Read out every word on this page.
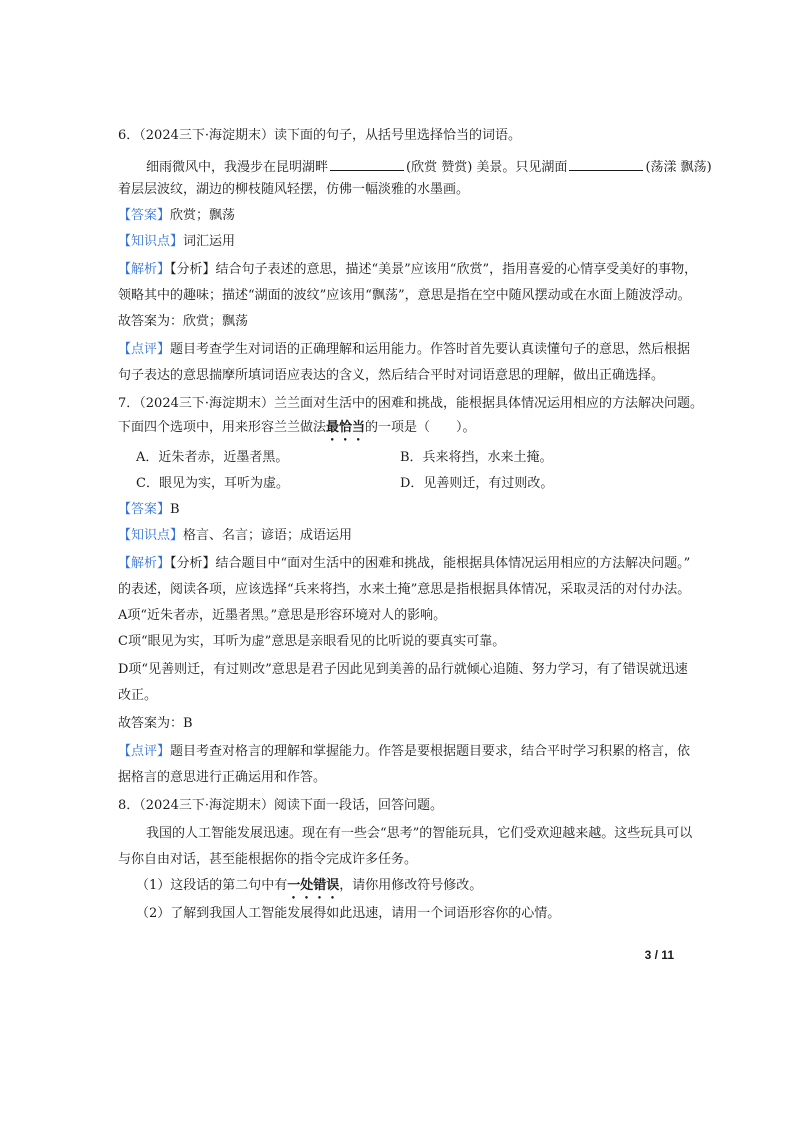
6．（2024三下·海淀期末）读下面的句子，从括号里选择恰当的词语。
细雨微风中，我漫步在昆明湖畔	(欣赏 赞赏) 美景。只见湖面	(荡漾 飘荡)
着层层波纹，湖边的柳枝随风轻摆，仿佛一幅淡雅的水墨画。
【答案】欣赏；飘荡
【知识点】词汇运用
【解析】【分析】结合句子表述的意思，描述“美景”应该用“欣赏”，指用喜爱的心情享受美好的事物，
领略其中的趣味；描述“湖面的波纹”应该用“飘荡”，意思是指在空中随风摆动或在水面上随波浮动。
故答案为：欣赏；飘荡
【点评】题目考查学生对词语的正确理解和运用能力。作答时首先要认真读懂句子的意思，然后根据
句子表达的意思揣摩所填词语应表达的含义，然后结合平时对词语意思的理解，做出正确选择。
7．（2024三下·海淀期末）兰兰面对生活中的困难和挑战，能根据具体情况运用相应的方法解决问题。
下面四个选项中，用来形容兰兰做法最恰当的一项是（ ）。
A．近朱者赤，近墨者黑。	B．兵来将挡，水来土掩。
C．眼见为实，耳听为虚。	D．见善则迁，有过则改。
【答案】B
【知识点】格言、名言；谚语；成语运用
【解析】【分析】结合题目中“面对生活中的困难和挑战，能根据具体情况运用相应的方法解决问题。”
的表述，阅读各项，应该选择“兵来将挡，水来土掩”意思是指根据具体情况，采取灵活的对付办法。
A项“近朱者赤，近墨者黑。”意思是形容环境对人的影响。
C项“眼见为实，耳听为虚”意思是亲眼看见的比听说的要真实可靠。
D项“见善则迁，有过则改”意思是君子因此见到美善的品行就倾心追随、努力学习，有了错误就迅速
改正。
故答案为：B
【点评】题目考查对格言的理解和掌握能力。作答是要根据题目要求，结合平时学习积累的格言，依
据格言的意思进行正确运用和作答。
8．（2024三下·海淀期末）阅读下面一段话，回答问题。
我国的人工智能发展迅速。现在有一些会“思考”的智能玩具，它们受欢迎越来越。这些玩具可以
与你自由对话，甚至能根据你的指令完成许多任务。
（1）这段话的第二句中有一处错误，请你用修改符号修改。
（2）了解到我国人工智能发展得如此迅速，请用一个词语形容你的心情。
3 / 11
